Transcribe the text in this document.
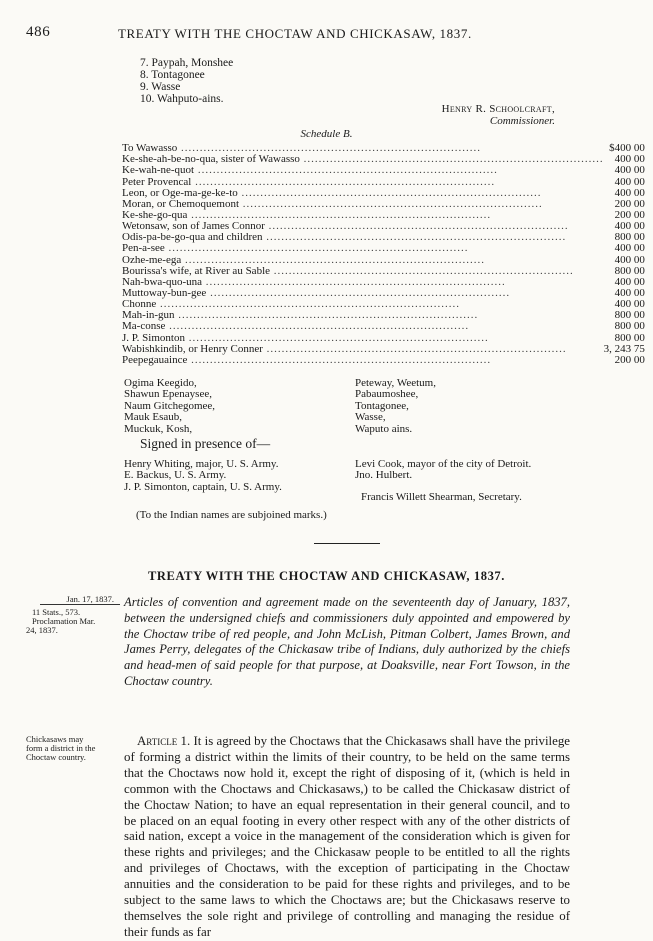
486	TREATY WITH THE CHOCTAW AND CHICKASAW, 1837.
7. Paypah, Monshee
8. Tontagonee
9. Wasse
10. Wahputo-ains.
Henry R. Schoolcraft,
Commissioner.
Schedule B.
To Wawasso ................................................................................	$400 00
Ke-she-ah-be-no-qua, sister of Wawasso ................................................................................	400 00
Ke-wah-ne-quot ................................................................................	400 00
Peter Provencal ................................................................................	400 00
Leon, or Oge-ma-ge-ke-to ................................................................................	400 00
Moran, or Chemoquemont ................................................................................	200 00
Ke-she-go-qua ................................................................................	200 00
Wetonsaw, son of James Connor ................................................................................	400 00
Odis-pa-be-go-qua and children ................................................................................	800 00
Pen-a-see ................................................................................	400 00
Ozhe-me-ega ................................................................................	400 00
Bourissa's wife, at River au Sable ................................................................................	800 00
Nah-bwa-quo-una ................................................................................	400 00
Muttoway-bun-gee ................................................................................	400 00
Chonne ................................................................................	400 00
Mah-in-gun ................................................................................	800 00
Ma-conse ................................................................................	800 00
J. P. Simonton ................................................................................	800 00
Wabishkindib, or Henry Conner ................................................................................	3, 243 75
Peepegauaince ................................................................................	200 00
Ogima Keegido,
Shawun Epenaysee,
Naum Gitchegomee,
Mauk Esaub,
Muckuk, Kosh,
Peteway, Weetum,
Pabaumoshee,
Tontagonee,
Wasse,
Waputo ains.
Signed in presence of—
Henry Whiting, major, U. S. Army.
E. Backus, U. S. Army.
J. P. Simonton, captain, U. S. Army.
Levi Cook, mayor of the city of Detroit.
Jno. Hulbert.
Francis Willett Shearman, Secretary.
(To the Indian names are subjoined marks.)
TREATY WITH THE CHOCTAW AND CHICKASAW, 1837.
Jan. 17, 1837.
11 Stats., 573.
Proclamation Mar.
24, 1837.
Articles of convention and agreement made on the seventeenth day of January, 1837, between the undersigned chiefs and commissioners duly appointed and empowered by the Choctaw tribe of red people, and John McLish, Pitman Colbert, James Brown, and James Perry, delegates of the Chickasaw tribe of Indians, duly authorized by the chiefs and head-men of said people for that purpose, at Doaksville, near Fort Towson, in the Choctaw country.
Chickasaws may
form a district in the
Choctaw country.
Article 1. It is agreed by the Choctaws that the Chickasaws shall have the privilege of forming a district within the limits of their country, to be held on the same terms that the Choctaws now hold it, except the right of disposing of it, (which is held in common with the Choctaws and Chickasaws,) to be called the Chickasaw district of the Choctaw Nation; to have an equal representation in their general council, and to be placed on an equal footing in every other respect with any of the other districts of said nation, except a voice in the management of the consideration which is given for these rights and privileges; and the Chickasaw people to be entitled to all the rights and privileges of Choctaws, with the exception of participating in the Choctaw annuities and the consideration to be paid for these rights and privileges, and to be subject to the same laws to which the Choctaws are; but the Chickasaws reserve to themselves the sole right and privilege of controlling and managing the residue of their funds as far
